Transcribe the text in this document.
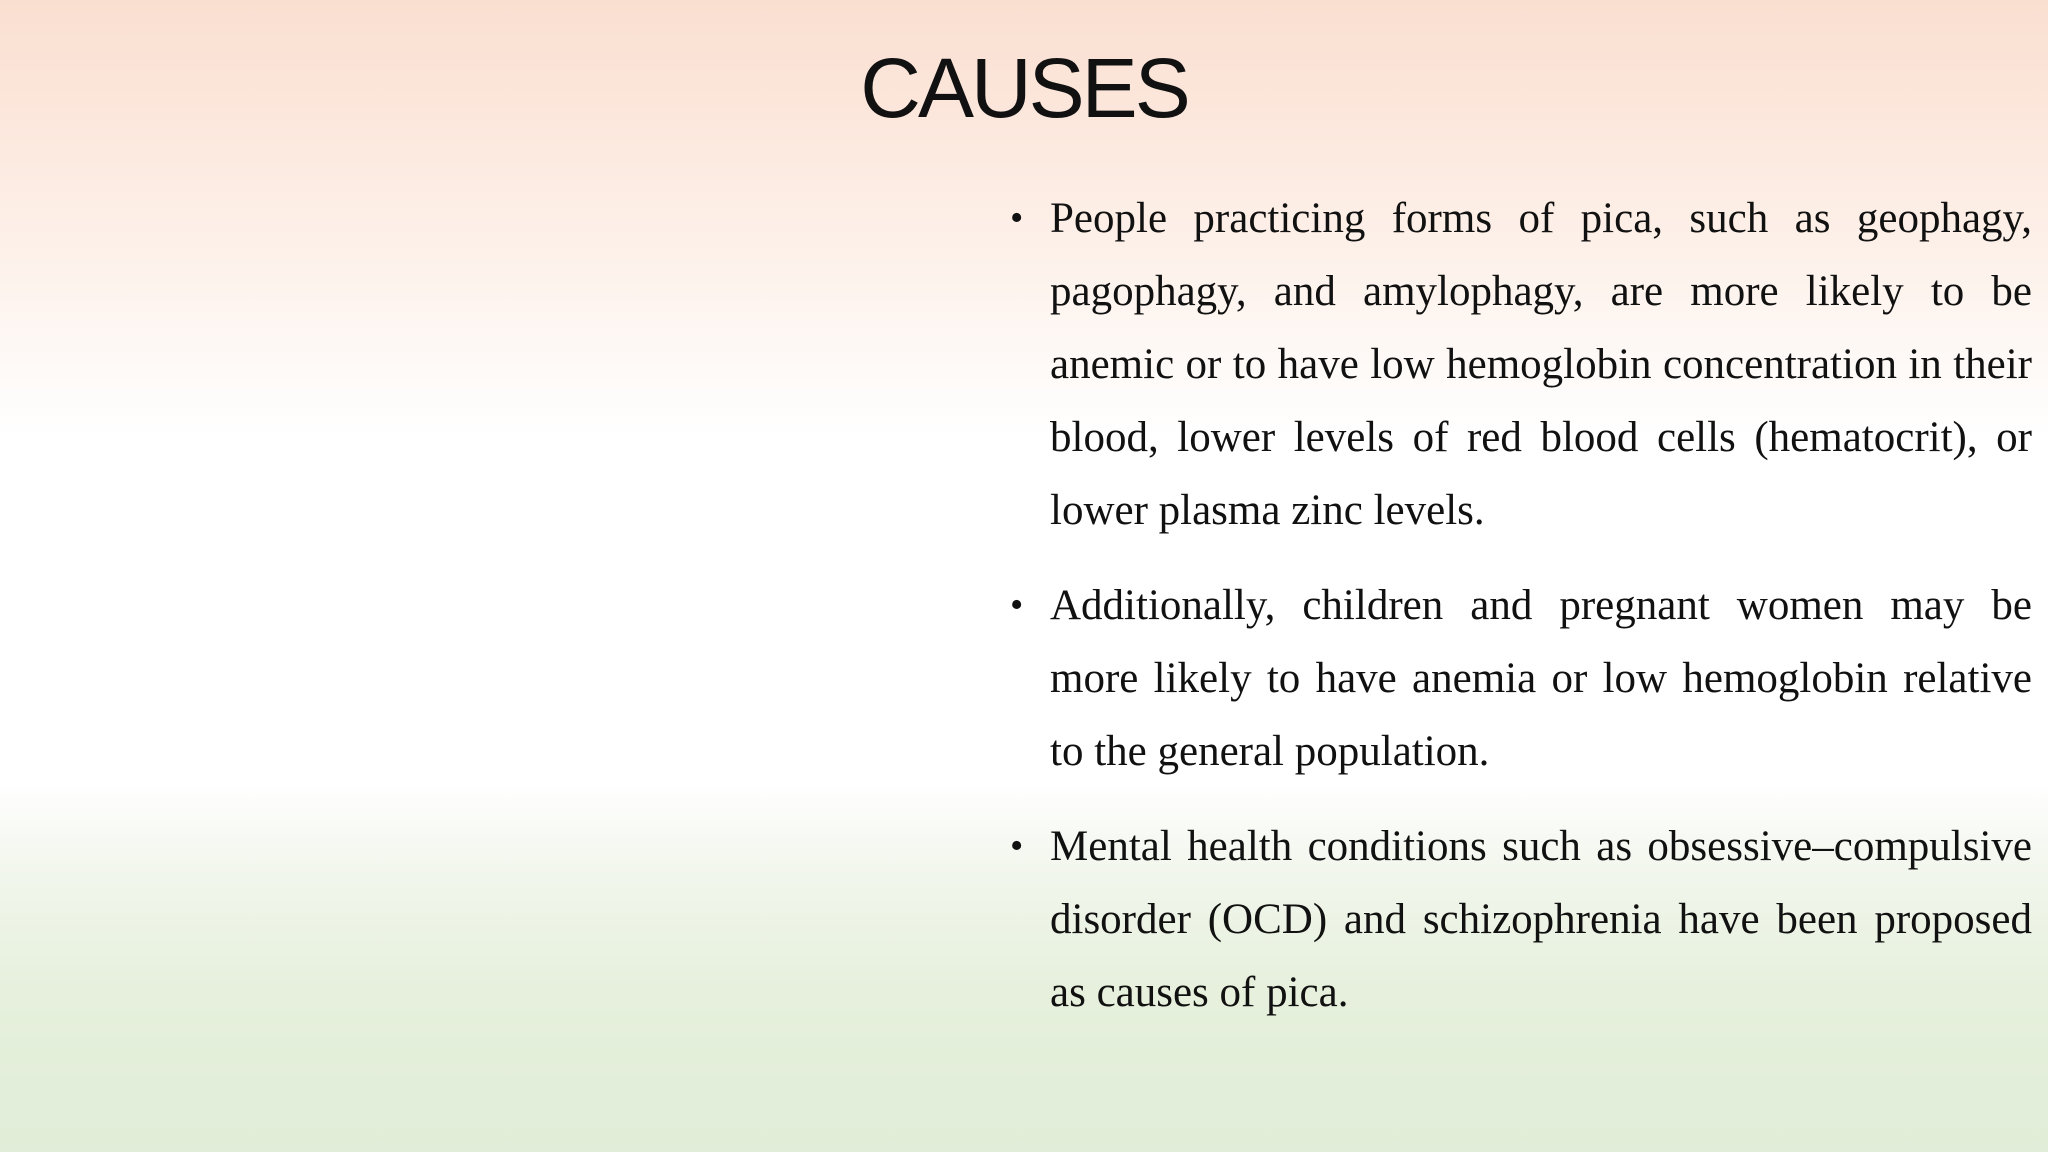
CAUSES
• People practicing forms of pica, such as geophagy, pagophagy, and amylophagy, are more likely to be anemic or to have low hemoglobin concentration in their blood, lower levels of red blood cells (hematocrit), or lower plasma zinc levels.
• Additionally, children and pregnant women may be more likely to have anemia or low hemoglobin relative to the general population.
• Mental health conditions such as obsessive–compulsive disorder (OCD) and schizophrenia have been proposed as causes of pica.
